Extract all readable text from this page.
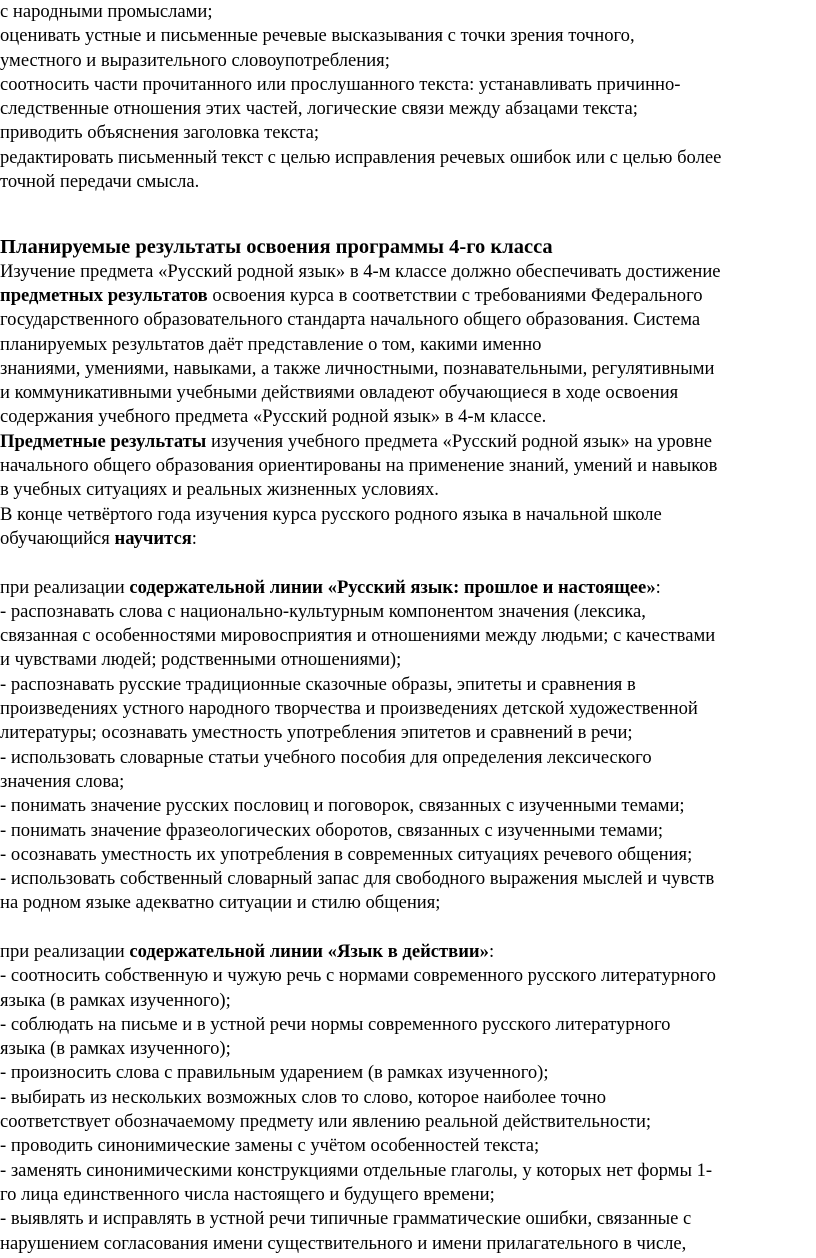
с народными промыслами;
оценивать устные и письменные речевые высказывания с точки зрения точного,
уместного и выразительного словоупотребления;
соотносить части прочитанного или прослушанного текста: устанавливать причинно-
следственные отношения этих частей, логические связи между абзацами текста;
приводить объяснения заголовка текста;
редактировать письменный текст с целью исправления речевых ошибок или с целью более
точной передачи смысла.
Планируемые результаты освоения программы 4-го класса
Изучение предмета «Русский родной язык» в 4-м классе должно обеспечивать достижение
предметных результатов освоения курса в соответствии с требованиями Федерального
государственного образовательного стандарта начального общего образования. Система
планируемых результатов даёт представление о том, какими именно
знаниями, умениями, навыками, а также личностными, познавательными, регулятивными
и коммуникативными учебными действиями овладеют обучающиеся в ходе освоения
содержания учебного предмета «Русский родной язык» в 4-м классе.
Предметные результаты изучения учебного предмета «Русский родной язык» на уровне
начального общего образования ориентированы на применение знаний, умений и навыков
в учебных ситуациях и реальных жизненных условиях.
В конце четвёртого года изучения курса русского родного языка в начальной школе
обучающийся научится:
при реализации содержательной линии «Русский язык: прошлое и настоящее»:
- распознавать слова с национально-культурным компонентом значения (лексика,
связанная с особенностями мировосприятия и отношениями между людьми; с качествами
и чувствами людей; родственными отношениями);
- распознавать русские традиционные сказочные образы, эпитеты и сравнения в
произведениях устного народного творчества и произведениях детской художественной
литературы; осознавать уместность употребления эпитетов и сравнений в речи;
- использовать словарные статьи учебного пособия для определения лексического
значения слова;
- понимать значение русских пословиц и поговорок, связанных с изученными темами;
- понимать значение фразеологических оборотов, связанных с изученными темами;
- осознавать уместность их употребления в современных ситуациях речевого общения;
- использовать собственный словарный запас для свободного выражения мыслей и чувств
на родном языке адекватно ситуации и стилю общения;
при реализации содержательной линии «Язык в действии»:
- соотносить собственную и чужую речь с нормами современного русского литературного
языка (в рамках изученного);
- соблюдать на письме и в устной речи нормы современного русского литературного
языка (в рамках изученного);
- произносить слова с правильным ударением (в рамках изученного);
- выбирать из нескольких возможных слов то слово, которое наиболее точно
соответствует обозначаемому предмету или явлению реальной действительности;
- проводить синонимические замены с учётом особенностей текста;
- заменять синонимическими конструкциями отдельные глаголы, у которых нет формы 1-
го лица единственного числа настоящего и будущего времени;
- выявлять и исправлять в устной речи типичные грамматические ошибки, связанные с
нарушением согласования имени существительного и имени прилагательного в числе,
